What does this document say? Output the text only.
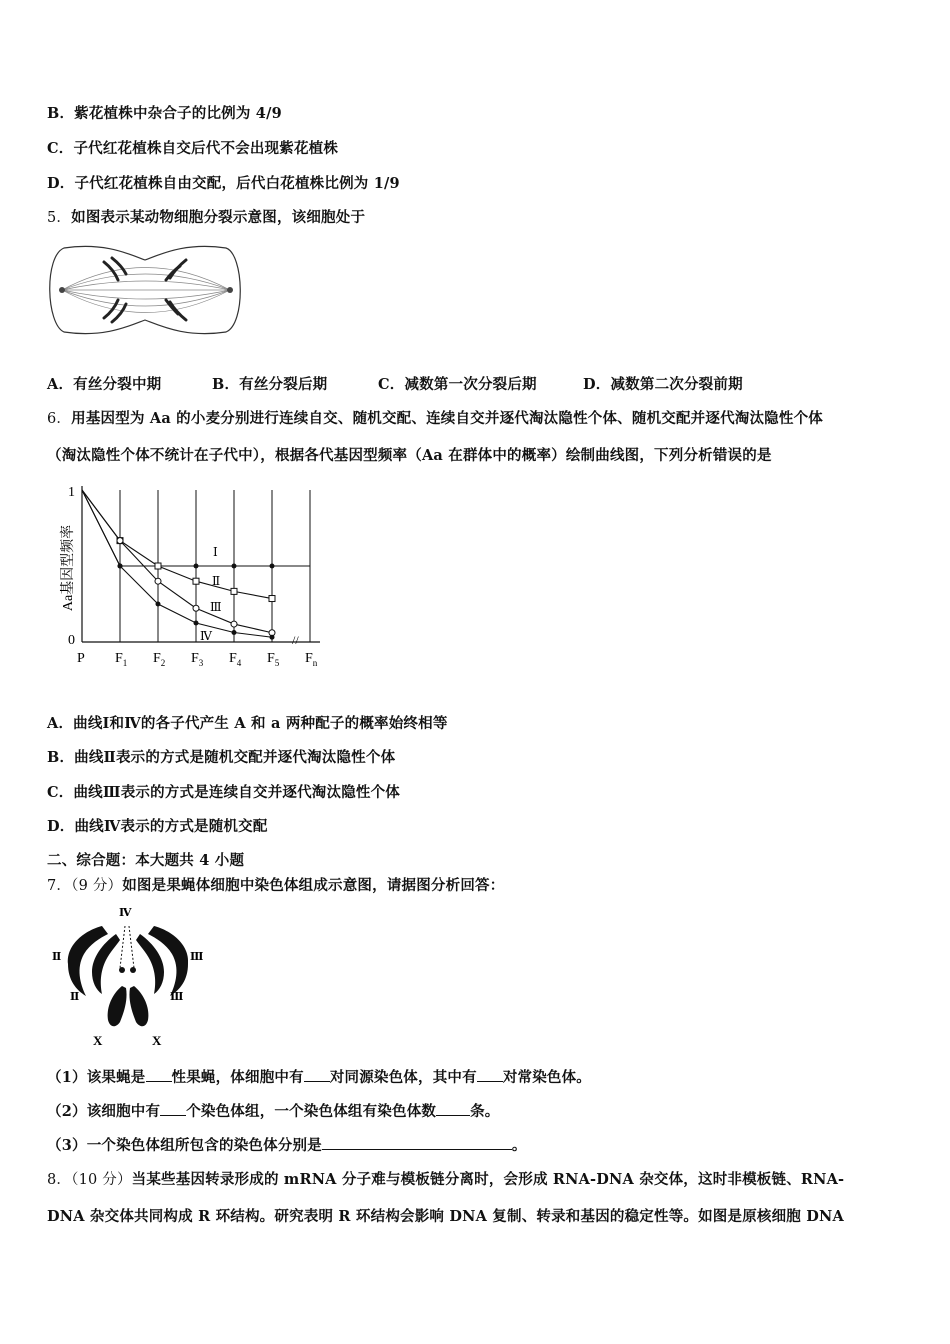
B．紫花植株中杂合子的比例为 4/9
C．子代红花植株自交后代不会出现紫花植株
D．子代红花植株自由交配，后代白花植株比例为 1/9
5．如图表示某动物细胞分裂示意图，该细胞处于
A．有丝分裂中期	B．有丝分裂后期	C．减数第一次分裂后期	D．减数第二次分裂前期
6．用基因型为 Aa 的小麦分别进行连续自交、随机交配、连续自交并逐代淘汰隐性个体、随机交配并逐代淘汰隐性个体
（淘汰隐性个体不统计在子代中），根据各代基因型频率（Aa 在群体中的概率）绘制曲线图，下列分析错误的是
Aa基因型频率
1
0	//
P $F_1$ $F_2$ $F_3$ $F_4$ $F_5$ $F_n$
Ⅰ
Ⅱ
Ⅲ
Ⅳ
A．曲线Ⅰ和Ⅳ的各子代产生 A 和 a 两种配子的概率始终相等
B．曲线Ⅱ表示的方式是随机交配并逐代淘汰隐性个体
C．曲线Ⅲ表示的方式是连续自交并逐代淘汰隐性个体
D．曲线Ⅳ表示的方式是随机交配
二、综合题：本大题共 4 小题
7．（9 分）如图是果蝇体细胞中染色体组成示意图，请据图分析回答：
Ⅳ
Ⅱ
Ⅱ
Ⅲ
Ⅲ
X	X
（1）该果蝇是 性果蝇，体细胞中有 对同源染色体，其中有 对常染色体。
（2）该细胞中有 个染色体组，一个染色体组有染色体数 条。
（3）一个染色体组所包含的染色体分别是	。
8．（10 分）当某些基因转录形成的 mRNA 分子难与模板链分离时，会形成 RNA-DNA 杂交体，这时非模板链、RNA-
DNA 杂交体共同构成 R 环结构。研究表明 R 环结构会影响 DNA 复制、转录和基因的稳定性等。如图是原核细胞 DNA
